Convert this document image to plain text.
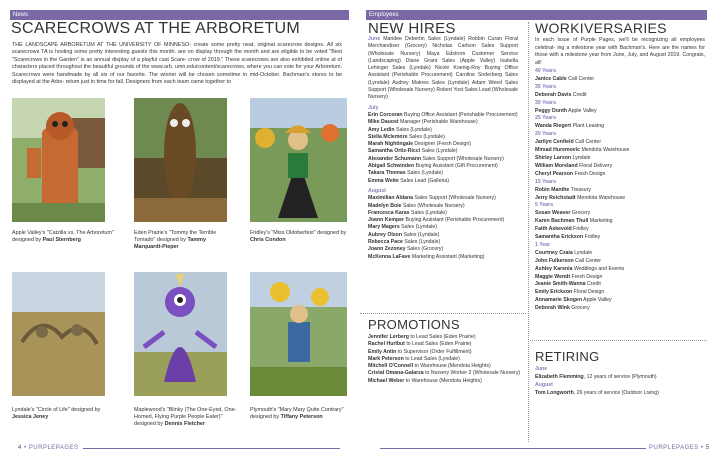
News
SCARECROWS AT THE ARBORETUM
THE LANDSCAPE ARBORETUM AT THE UNIVERSITY OF MINNESO- create some pretty neat, original scarecrow designs. All six scarecrows TA is hosting some pretty interesting guests this month. are on display through the month and are eligible to be voted "Best "Scarecrows in the Garden" is an annual display of a playful cast Scare- crow of 2019." These scarecrows are also exhibited online at of characters placed throughout the beautiful grounds of the www.arb. umn.edu/content/scarecrows, where you can vote for your Arboretum. Scarecrows were handmade by all six of our favorite. The winner will be chosen sometime in mid-October. Bachman's stores to be displayed at the Arbo- retum just in time for fall. Designers from each team came together to
Apple Valley's "Catzilla vs. The Arboretum" designed by Paul Sternberg
Eden Prairie's "Tommy the Terrible Tornado" designed by Tammy Marquardt-Pieper
Fridley's "Miss Oktoberfest" designed by Chris Condon
Lyndale's "Circle of Life" designed by Jessica Jeney
Maplewood's "Blinky (The One-Eyed, One-Horned, Flying Purple People Eater)" designed by Dennis Fletcher
Plymouth's "Mary Mary Quite Contrary" designed by Tiffany Peterson
4 • PURPLEPAGES
Employees
NEW HIRES
June Maridee Debertin Sales (Lyndale) Robbin Curan Floral Merchandiser (Grocery) Nicholas Carlson Sales Support (Wholesale Nursery) Maya Edstrom Customer Service (Landscaping) Diane Grant Sales (Apple Valley) Isabella Lehinger Sales (Lyndale) Nicole Koenig-Roy Buying Office Assistant (Perishable Procurement) Caroline Soderberg Sales (Lyndale) Audrey Makres Sales (Lyndale) Adam Weed Sales Support (Wholesale Nursery) Robert Yost Sales Lead (Wholesale Nursery)
July
Erin Corcoran Buying Office Assistant (Perishable Procurement)
Mike Dauost Manager (Perishable Warehouse)
Amy Ledin Sales (Lyndale)
Stella Mclemore Sales (Lyndale)
Marah Nightingale Designer (Fresh Design)
Samantha Ortiz-Ricci Sales (Lyndale)
Alexander Schumann Sales Support (Wholesale Nursery)
Abigail Schwinden Buying Assistant (Gift Procurement)
Takara Thomas Sales (Lyndale)
Emma Weite Sales Lead (Galleria)
August
Maximilian Aldana Sales Support (Wholesale Nursery)
Madelyn Boie Sales (Wholesale Nursery)
Francesca Karas Sales (Lyndale)
Joann Kemper Buying Assistant (Perishable Procurement)
Mary Magers Sales (Lyndale)
Aubrey Olson Sales (Lyndale)
Rebecca Pace Sales (Lyndale)
Joann Zezoney Sales (Grocery)
McKenna LaFave Marketing Assistant (Marketing)
PROMOTIONS
Jennifer Lerberg to Lead Sales (Eden Prairie)
Rachel Hurlbut to Lead Sales (Eden Prairie)
Emily Antin to Supervisor (Order Fulfillment)
Mark Peterson to Lead Sales (Lyndale)
Mitchell O'Connell to Warehouse (Mendota Heights)
Cristal Omana-Galarza to Nursery Worker 2 (Wholesale Nursery)
Michael Weber to Warehouse (Mendota Heights)
WORKIVERSARIES
In each issue of Purple Pages, we'll be recognizing all employees celebrat- ing a milestone year with Bachman's. Here are the names for those with a milestone year from June, July, and August 2019. Congrats, all!
40 Years
Janice Cable Call Center
35 Years
Deborah Davis Credit
30 Years
Peggy Donth Apple Valley
25 Years
Wanda Riegert Plant Leasing
20 Years
Jarilyn Cenfield Call Center
Mirsad Huremovic Mendota Warehouse
Shirley Larson Lyndale
William Moreland Floral Delivery
Cheryl Pearson Fresh Design
15 Years
Robin Manthe Treasury
Jerry Reichstadt Mendota Warehouse
5 Years
Susan Weaver Grocery
Karen Bachman Thull Marketing
Faith Askevold Fridley
Samantha Erickson Fridley
1 Year
Courtney Czaia Lyndale
John Fulkerson Call Center
Ashley Karsnia Weddings and Events
Maggie Wendt Fresh Design
Jeanie Smith-Wanna Credit
Emily Erickson Floral Design
Annamarie Skogen Apple Valley
Deborah Wink Grocery
RETIRING
June
Elizabeth Flemming, 12 years of service (Plymouth)
August
Tom Longworth, 26 years of service (Outdoor Living)
PURPLEPAGES • 5
